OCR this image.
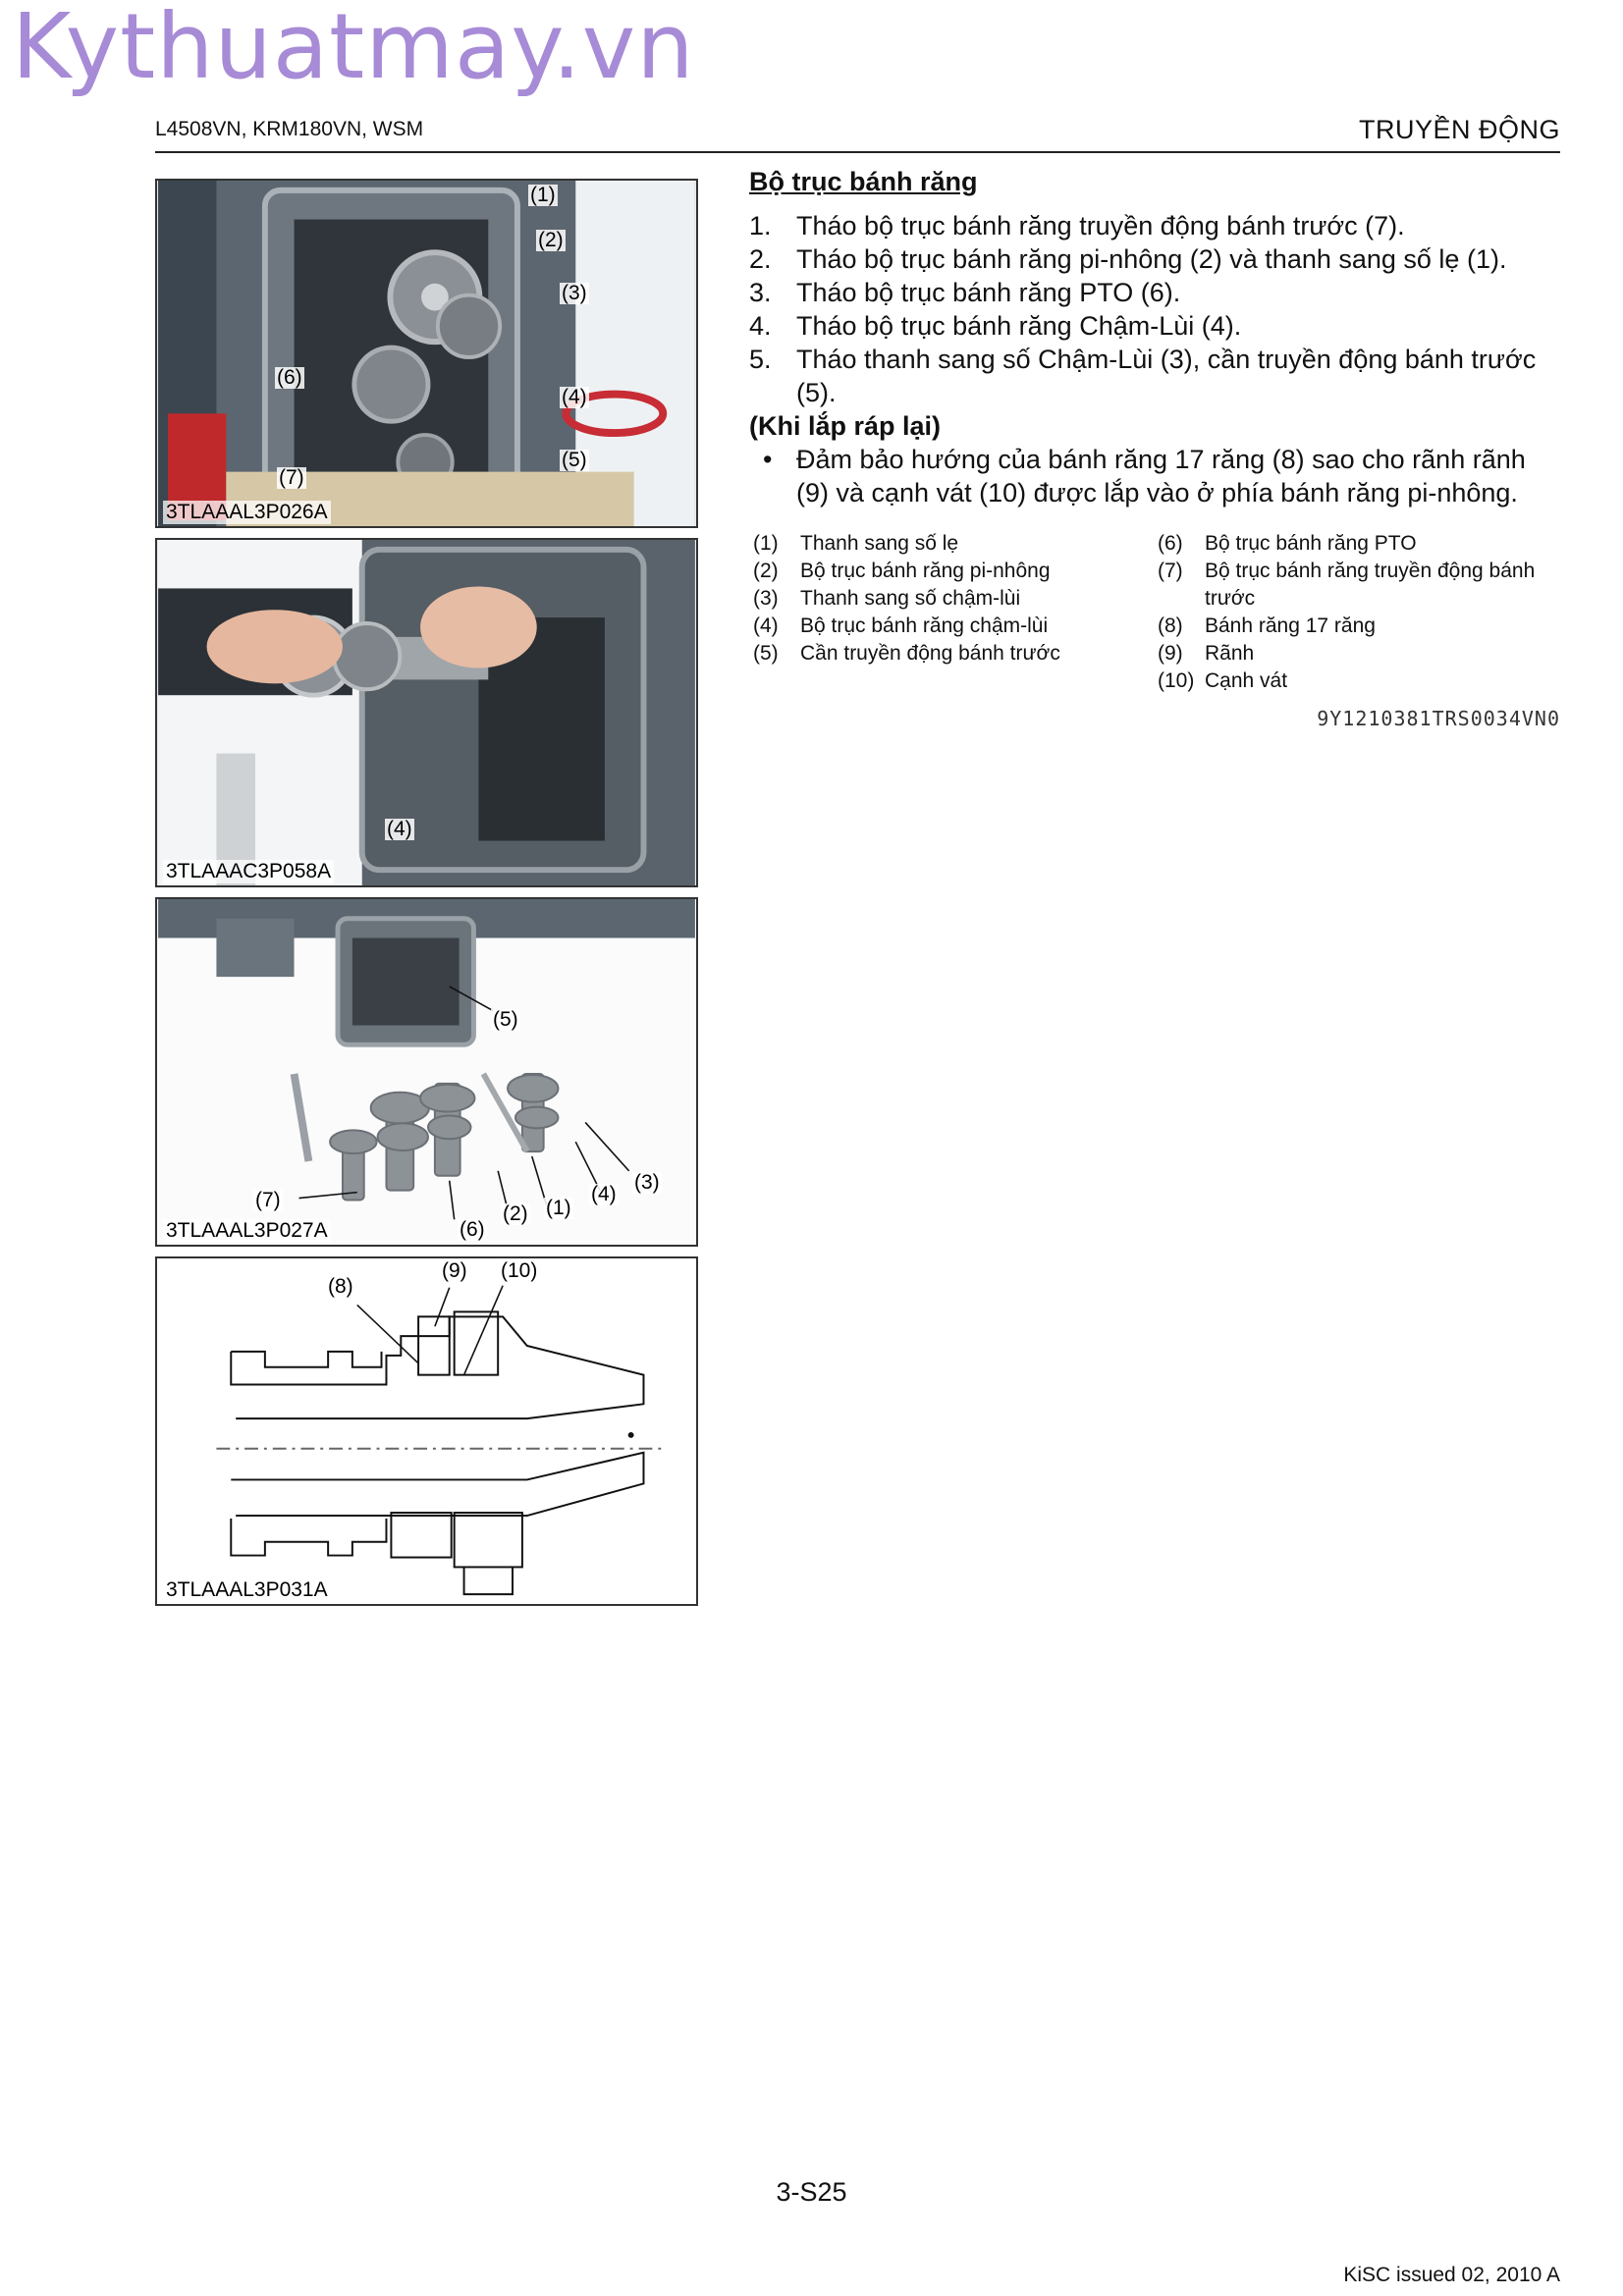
Kythuatmay.vn
L4508VN, KRM180VN, WSM	TRUYỀN ĐỘNG
(1)
(2)
(3)
(4)
(5)
(6)
(7)
3TLAAAL3P026A
(4)
3TLAAAC3P058A
(5)
(7)
(6)
(2) (1)
(4)
(3)
3TLAAAL3P027A
(8)
(9) (10)
3TLAAAL3P031A
Bộ trục bánh răng
1. Tháo bộ trục bánh răng truyền động bánh trước (7).
2. Tháo bộ trục bánh răng pi-nhông (2) và thanh sang số lẹ (1).
3. Tháo bộ trục bánh răng PTO (6).
4. Tháo bộ trục bánh răng Chậm-Lùi (4).
5. Tháo thanh sang số Chậm-Lùi (3), cần truyền động bánh trước (5).
(Khi lắp ráp lại)
• Đảm bảo hướng của bánh răng 17 răng (8) sao cho rãnh rãnh (9) và cạnh vát (10) được lắp vào ở phía bánh răng pi-nhông.
(1) Thanh sang số lẹ
(2) Bộ trục bánh răng pi-nhông
(3) Thanh sang số chậm-lùi
(4) Bộ trục bánh răng chậm-lùi
(5) Cần truyền động bánh trước
(6) Bộ trục bánh răng PTO
(7) Bộ trục bánh răng truyền động bánh trước
(8) Bánh răng 17 răng
(9) Rãnh
(10) Cạnh vát
9Y1210381TRS0034VN0
3-S25
KiSC issued 02, 2010 A
